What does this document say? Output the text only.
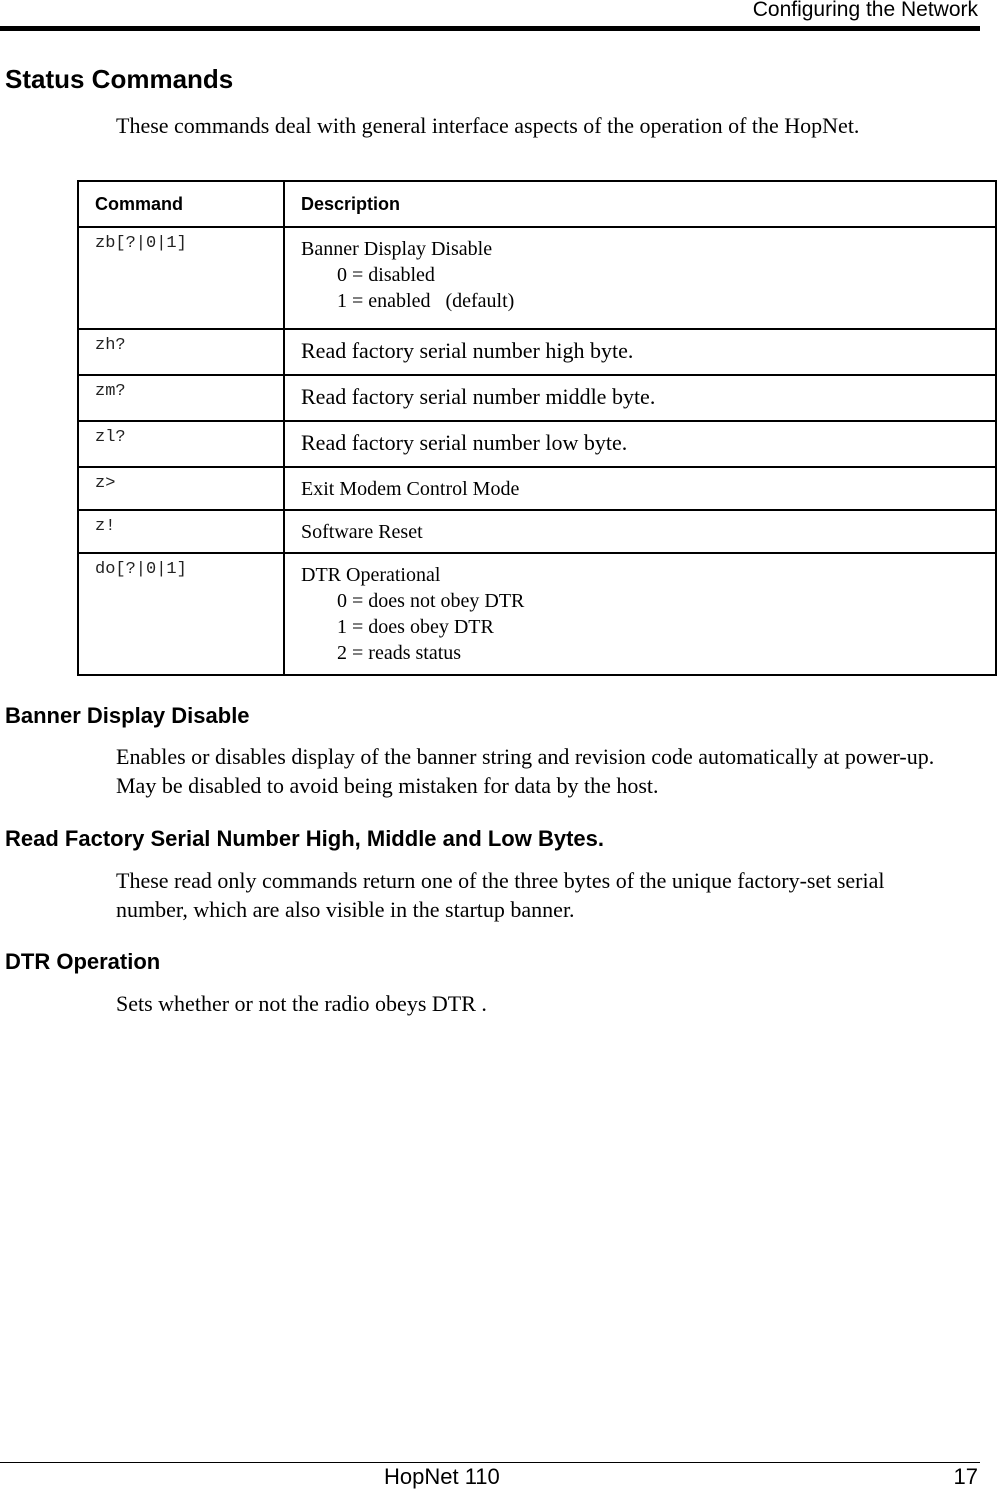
Configuring the Network
Status Commands

These commands deal with general interface aspects of the operation of the HopNet.

Command	Description
zb[?|0|1]	Banner Display Disable
0 = disabled
1 = enabled   (default)

zh?	Read factory serial number high byte.
zm?	Read factory serial number middle byte.
zl?	Read factory serial number low byte.
z>	Exit Modem Control Mode
z!	Software Reset
do[?|0|1]	DTR Operational
0 = does not obey DTR
1 = does obey DTR
2 = reads status
Banner Display Disable

Enables or disables display of the banner string and revision code automatically at power-up. May be disabled to avoid being mistaken for data by the host.

Read Factory Serial Number High, Middle and Low Bytes.

These read only commands return one of the three bytes of the unique factory-set serial number, which are also visible in the startup banner.

DTR Operation

Sets whether or not the radio obeys DTR .

HopNet 110	17
